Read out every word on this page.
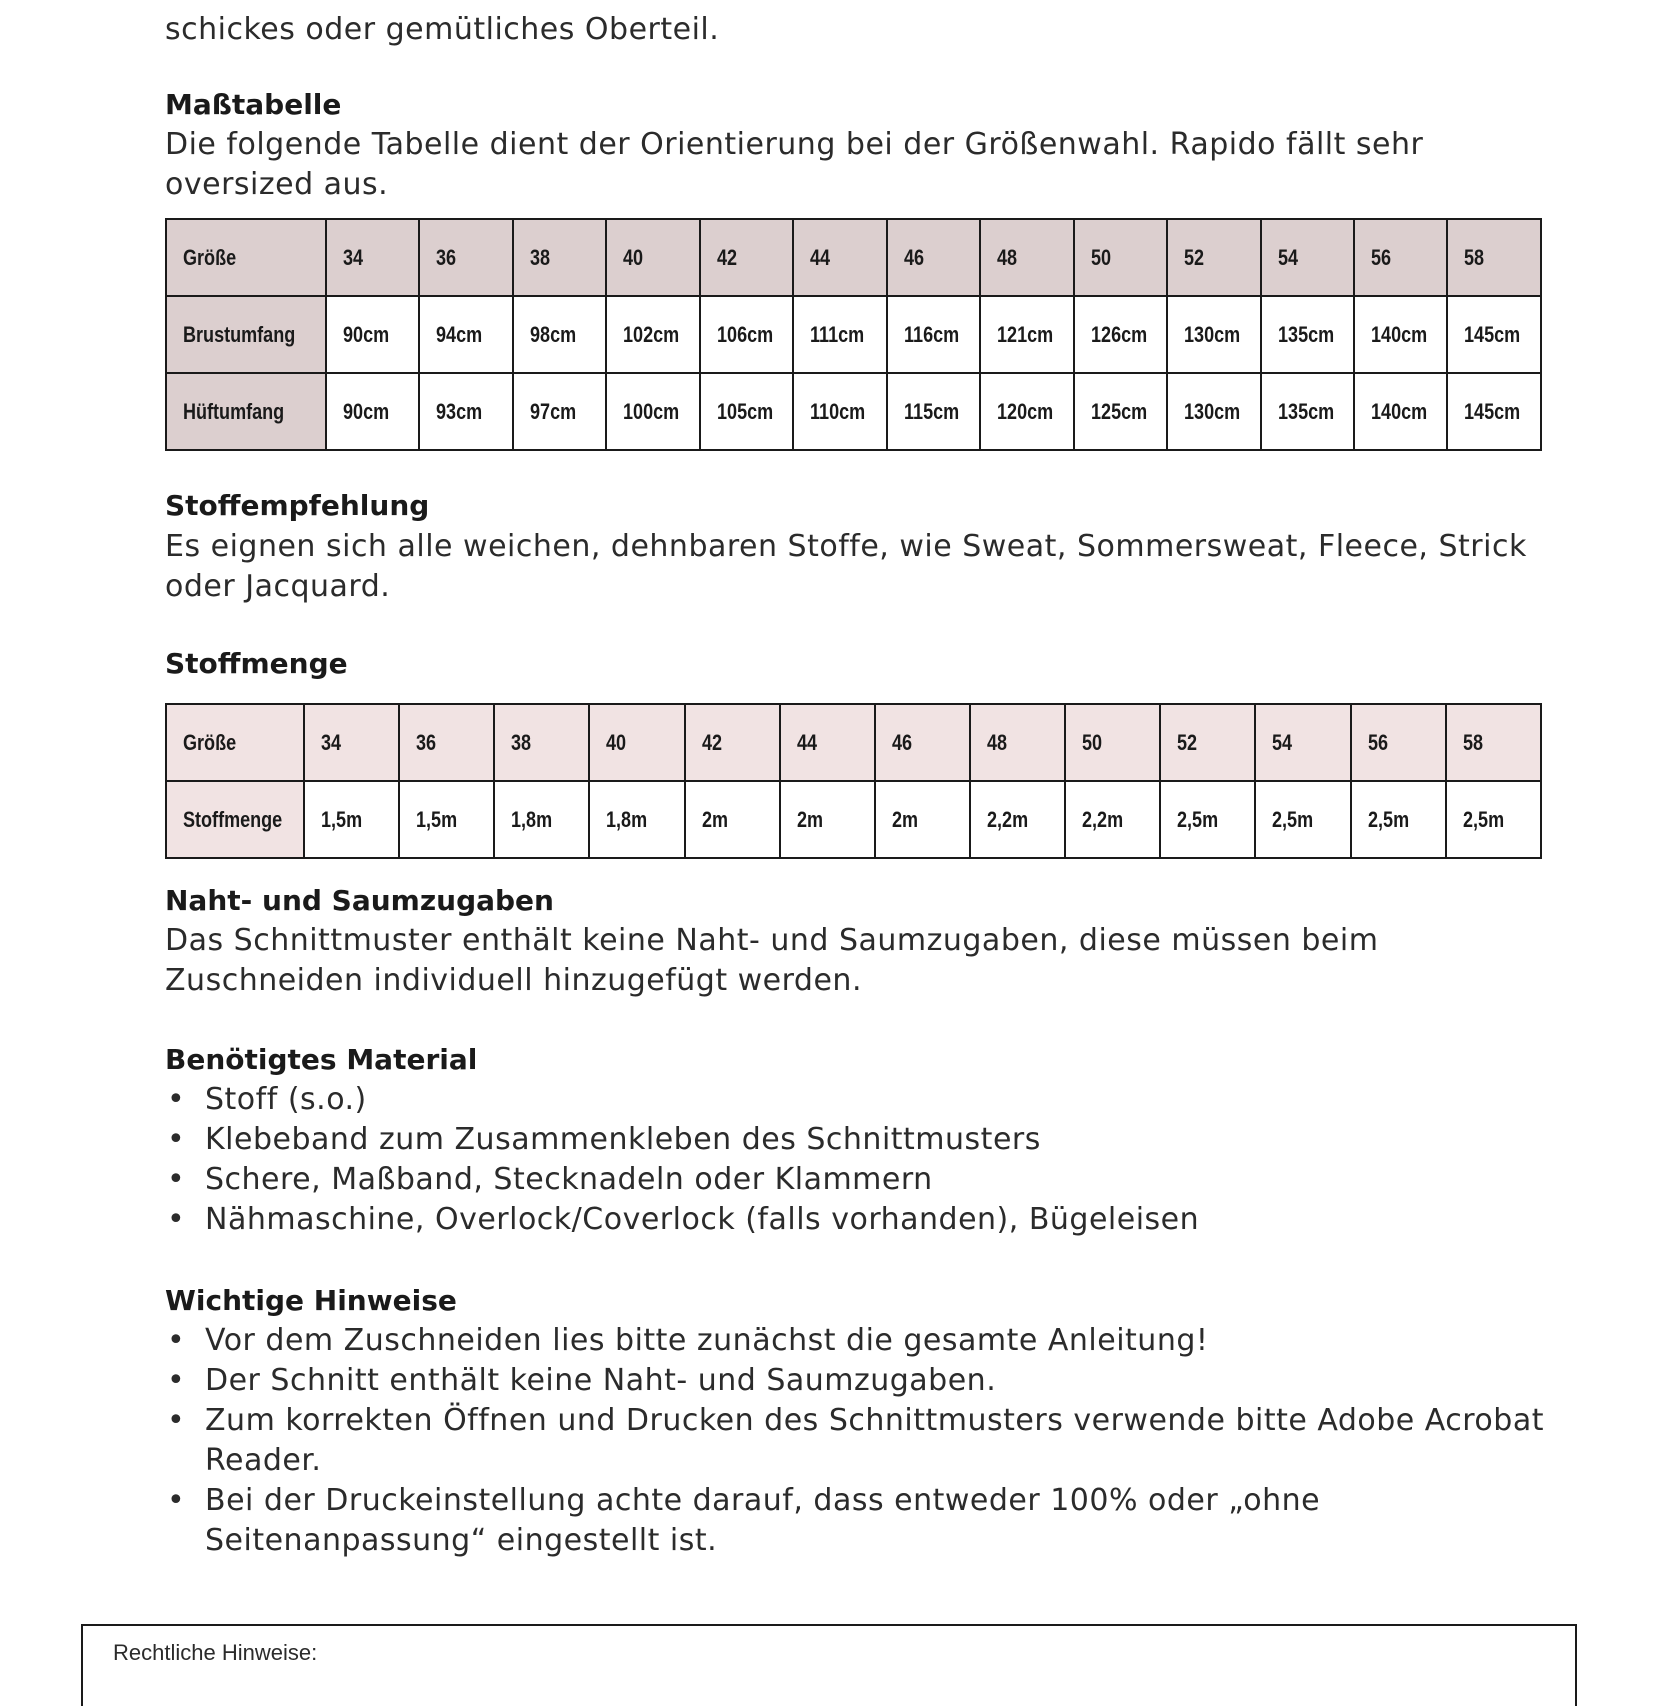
schickes oder gemütliches Oberteil.
Maßtabelle
Die folgende Tabelle dient der Orientierung bei der Größenwahl. Rapido fällt sehr oversized aus.
Größe	34	36	38	40	42	44	46	48	50	52	54	56	58
Brustumfang	90cm	94cm	98cm	102cm	106cm	111cm	116cm	121cm	126cm	130cm	135cm	140cm	145cm
Hüftumfang	90cm	93cm	97cm	100cm	105cm	110cm	115cm	120cm	125cm	130cm	135cm	140cm	145cm
Stoffempfehlung
Es eignen sich alle weichen, dehnbaren Stoffe, wie Sweat, Sommersweat, Fleece, Strick oder Jacquard.
Stoffmenge
Größe	34	36	38	40	42	44	46	48	50	52	54	56	58
Stoffmenge	1,5m	1,5m	1,8m	1,8m	2m	2m	2m	2,2m	2,2m	2,5m	2,5m	2,5m	2,5m
Naht- und Saumzugaben
Das Schnittmuster enthält keine Naht- und Saumzugaben, diese müssen beim Zuschneiden individuell hinzugefügt werden.
Benötigtes Material
• Stoff (s.o.)
• Klebeband zum Zusammenkleben des Schnittmusters
• Schere, Maßband, Stecknadeln oder Klammern
• Nähmaschine, Overlock/Coverlock (falls vorhanden), Bügeleisen
Wichtige Hinweise
• Vor dem Zuschneiden lies bitte zunächst die gesamte Anleitung!
• Der Schnitt enthält keine Naht- und Saumzugaben.
• Zum korrekten Öffnen und Drucken des Schnittmusters verwende bitte Adobe Acrobat Reader.
• Bei der Druckeinstellung achte darauf, dass entweder 100% oder „ohne Seitenanpassung“ eingestellt ist.
Rechtliche Hinweise:
